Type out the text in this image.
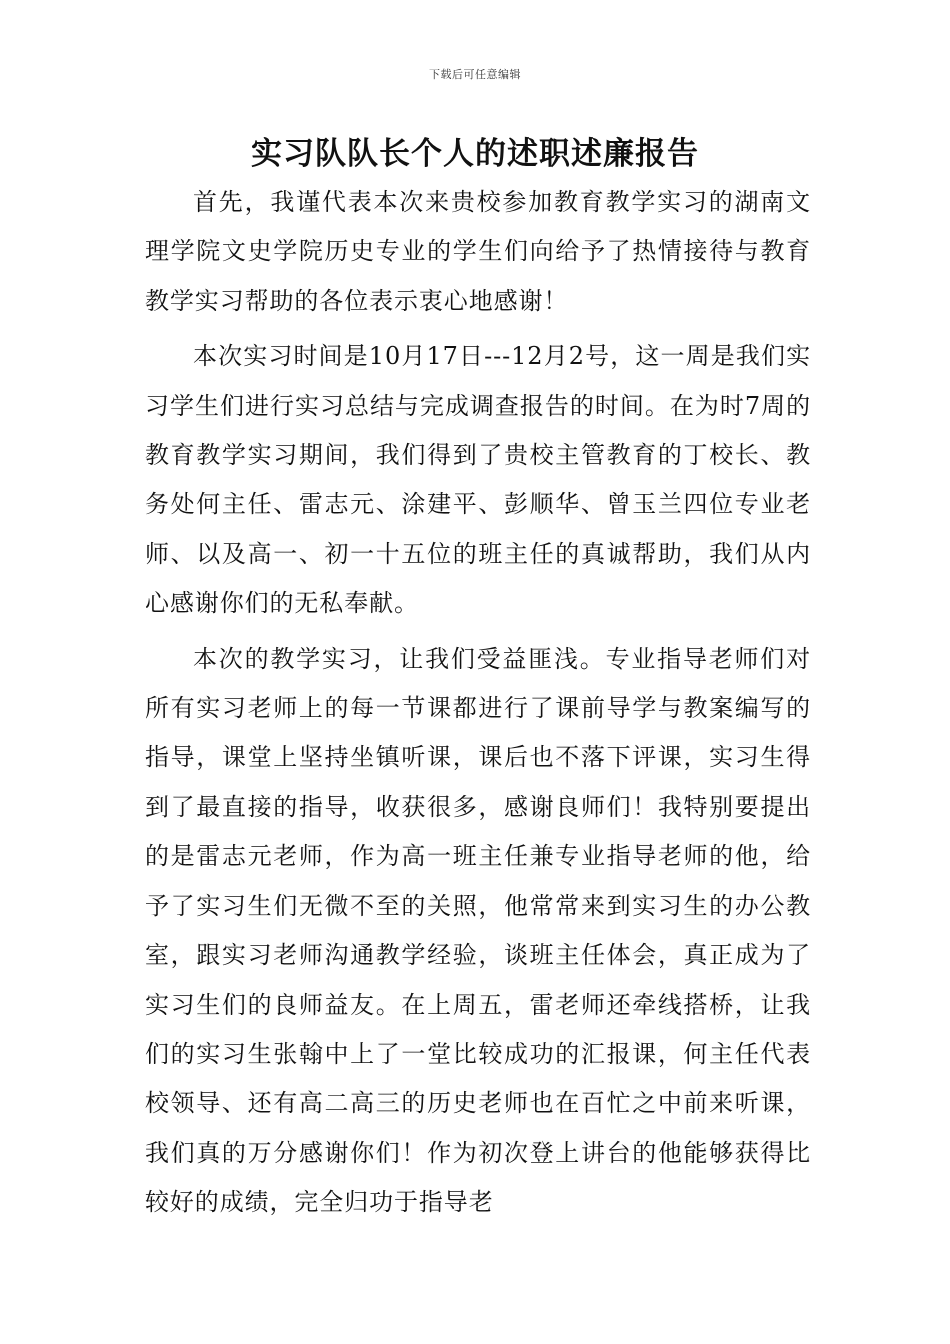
下载后可任意编辑
实习队队长个人的述职述廉报告

首先，我谨代表本次来贵校参加教育教学实习的湖南文理学院文史学院历史专业的学生们向给予了热情接待与教育教学实习帮助的各位表示衷心地感谢！

本次实习时间是10月17日---12月2号，这一周是我们实习学生们进行实习总结与完成调查报告的时间。在为时7周的教育教学实习期间，我们得到了贵校主管教育的丁校长、教务处何主任、雷志元、涂建平、彭顺华、曾玉兰四位专业老师、以及高一、初一十五位的班主任的真诚帮助，我们从内心感谢你们的无私奉献。

本次的教学实习，让我们受益匪浅。专业指导老师们对所有实习老师上的每一节课都进行了课前导学与教案编写的指导，课堂上坚持坐镇听课，课后也不落下评课，实习生得到了最直接的指导，收获很多，感谢良师们！我特别要提出的是雷志元老师，作为高一班主任兼专业指导老师的他，给予了实习生们无微不至的关照，他常常来到实习生的办公教室，跟实习老师沟通教学经验，谈班主任体会，真正成为了实习生们的良师益友。在上周五，雷老师还牵线搭桥，让我们的实习生张翰中上了一堂比较成功的汇报课，何主任代表校领导、还有高二高三的历史老师也在百忙之中前来听课，我们真的万分感谢你们！作为初次登上讲台的他能够获得比较好的成绩，完全归功于指导老
